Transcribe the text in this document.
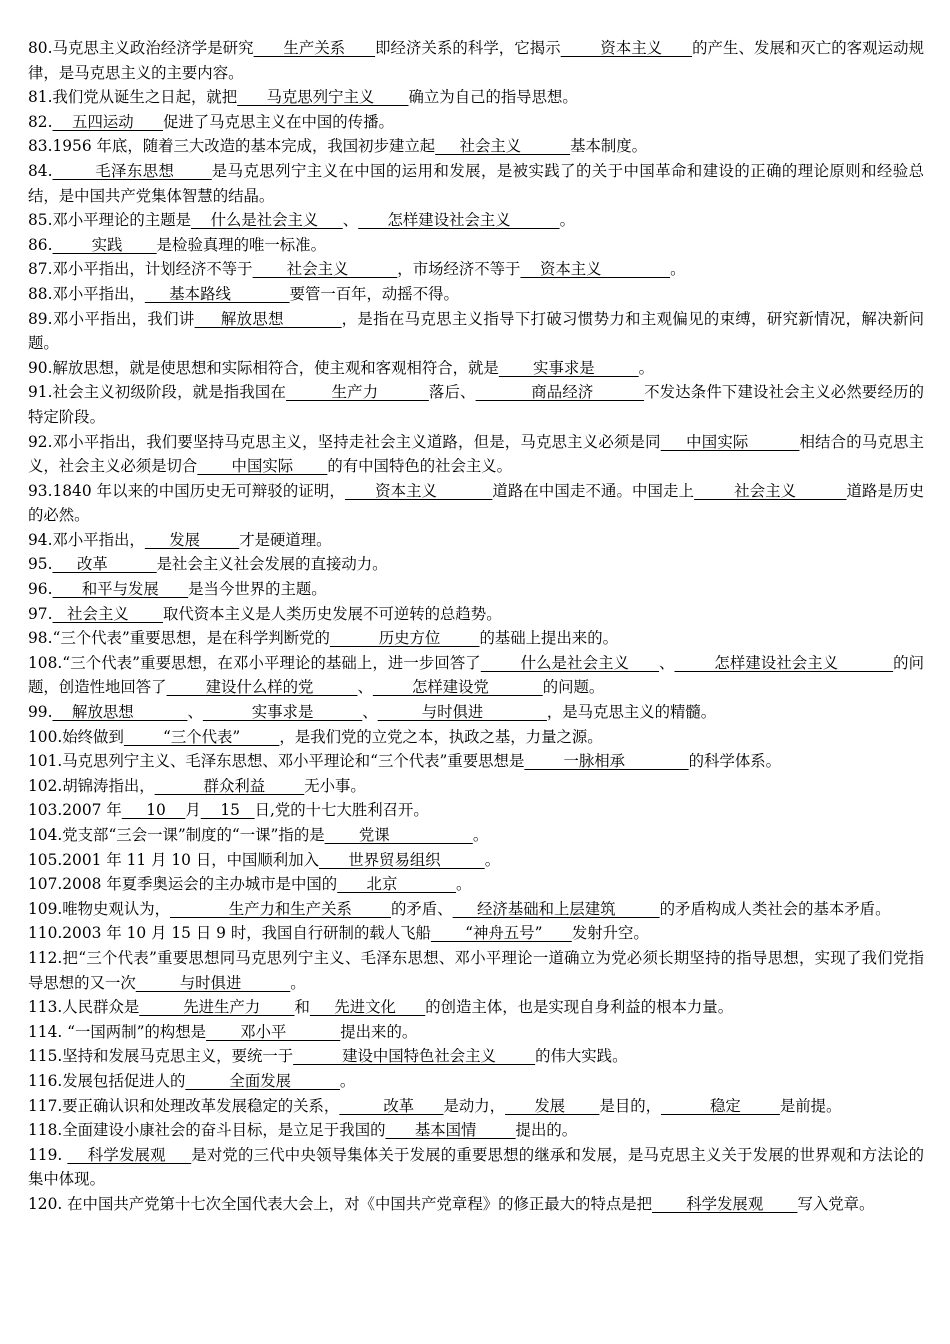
80.马克思主义政治经济学是研究      生产关系      即经济关系的科学，它揭示        资本主义      的产生、发展和灭亡的客观运动规律，是马克思主义的主要内容。

81.我们党从诞生之日起，就把      马克思列宁主义       确立为自己的指导思想。

82.    五四运动      促进了马克思主义在中国的传播。

83.1956 年底，随着三大改造的基本完成，我国初步建立起     社会主义          基本制度。

84.        毛泽东思想       是马克思列宁主义在中国的运用和发展，是被实践了的关于中国革命和建设的正确的理论原则和经验总结，是中国共产党集体智慧的结晶。

85.邓小平理论的主题是    什么是社会主义     、      怎样建设社会主义          。

86.        实践       是检验真理的唯一标准。

87.邓小平指出，计划经济不等于       社会主义          ，市场经济不等于    资本主义              。

88.邓小平指出，     基本路线            要管一百年，动摇不得。

89.邓小平指出，我们讲     解放思想           ，是指在马克思主义指导下打破习惯势力和主观偏见的束缚，研究新情况，解决新问题。

90.解放思想，就是使思想和实际相符合，使主观和客观相符合，就是       实事求是         。

91.社会主义初级阶段，就是指我国在         生产力          落后、           商品经济          不发达条件下建设社会主义必然要经历的特定阶段。

92.邓小平指出，我们要坚持马克思主义，坚持走社会主义道路，但是，马克思主义必须是同     中国实际          相结合的马克思主义，社会主义必须是切合       中国实际       的有中国特色的社会主义。

93.1840 年以来的中国历史无可辩驳的证明，      资本主义           道路在中国走不通。中国走上        社会主义          道路是历史的必然。

94.邓小平指出，     发展        才是硬道理。

95.     改革          是社会主义社会发展的直接动力。

96.      和平与发展      是当今世界的主题。

97.   社会主义       取代资本主义是人类历史发展不可逆转的总趋势。

98.“三个代表”重要思想，是在科学判断党的          历史方位        的基础上提出来的。

108.“三个代表”重要思想，在邓小平理论的基础上，进一步回答了        什么是社会主义      、        怎样建设社会主义           的问题，创造性地回答了        建设什么样的党         、        怎样建设党           的问题。

99.    解放思想           、          实事求是          、         与时俱进             ，是马克思主义的精髓。

100.始终做到        “三个代表”        ，是我们党的立党之本，执政之基，力量之源。

101.马克思列宁主义、毛泽东思想、邓小平理论和“三个代表”重要思想是        一脉相承             的科学体系。

102.胡锦涛指出，          群众利益        无小事。

103.2007 年     10    月    15   日,党的十七大胜利召开。

104.党支部“三会一课”制度的“一课”指的是       党课                 。

105.2001 年 11 月 10 日，中国顺利加入      世界贸易组织         。

107.2008 年夏季奥运会的主办城市是中国的      北京            。

109.唯物史观认为，            生产力和生产关系        的矛盾、     经济基础和上层建筑         的矛盾构成人类社会的基本矛盾。

110.2003 年 10 月 15 日 9 时，我国自行研制的载人飞船       “神舟五号”      发射升空。

112.把“三个代表”重要思想同马克思列宁主义、毛泽东思想、邓小平理论一道确立为党必须长期坚持的指导思想，实现了我们党指导思想的又一次         与时俱进          。

113.人民群众是         先进生产力       和     先进文化      的创造主体，也是实现自身利益的根本力量。

114. “一国两制”的构想是       邓小平           提出来的。

115.坚持和发展马克思主义，要统一于          建设中国特色社会主义        的伟大实践。

116.发展包括促进人的         全面发展          。

117.要正确认识和处理改革发展稳定的关系，         改革      是动力，      发展       是目的，          稳定        是前提。

118.全面建设小康社会的奋斗目标，是立足于我国的      基本国情        提出的。

119.     科学发展观     是对党的三代中央领导集体关于发展的重要思想的继承和发展，是马克思主义关于发展的世界观和方法论的集中体现。

120. 在中国共产党第十七次全国代表大会上，对《中国共产党章程》的修正最大的特点是把       科学发展观       写入党章。
